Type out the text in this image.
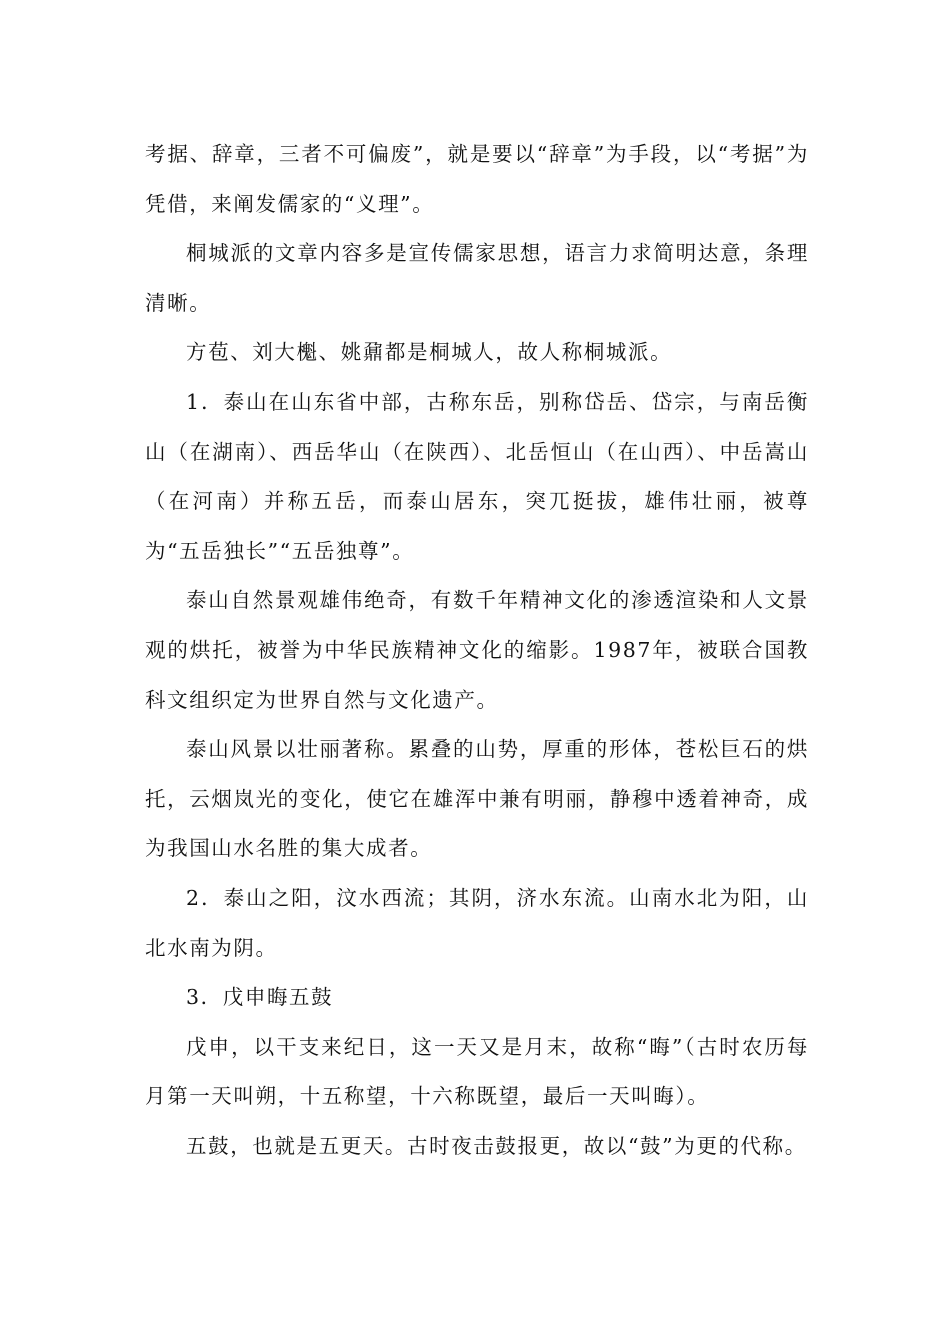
考据、辞章，三者不可偏废”，就是要以“辞章”为手段，以“考据”为凭借，来阐发儒家的“义理”。

桐城派的文章内容多是宣传儒家思想，语言力求简明达意，条理清晰。

方苞、刘大櫆、姚鼐都是桐城人，故人称桐城派。

1．泰山在山东省中部，古称东岳，别称岱岳、岱宗，与南岳衡山（在湖南）、西岳华山（在陕西）、北岳恒山（在山西）、中岳嵩山（在河南）并称五岳，而泰山居东，突兀挺拔，雄伟壮丽，被尊为“五岳独长”“五岳独尊”。

泰山自然景观雄伟绝奇，有数千年精神文化的渗透渲染和人文景观的烘托，被誉为中华民族精神文化的缩影。1987年，被联合国教科文组织定为世界自然与文化遗产。

泰山风景以壮丽著称。累叠的山势，厚重的形体，苍松巨石的烘托，云烟岚光的变化，使它在雄浑中兼有明丽，静穆中透着神奇，成为我国山水名胜的集大成者。

2．泰山之阳，汶水西流；其阴，济水东流。山南水北为阳，山北水南为阴。

3．戊申晦五鼓

戊申，以干支来纪日，这一天又是月末，故称“晦”（古时农历每月第一天叫朔，十五称望，十六称既望，最后一天叫晦）。

五鼓，也就是五更天。古时夜击鼓报更，故以“鼓”为更的代称。
